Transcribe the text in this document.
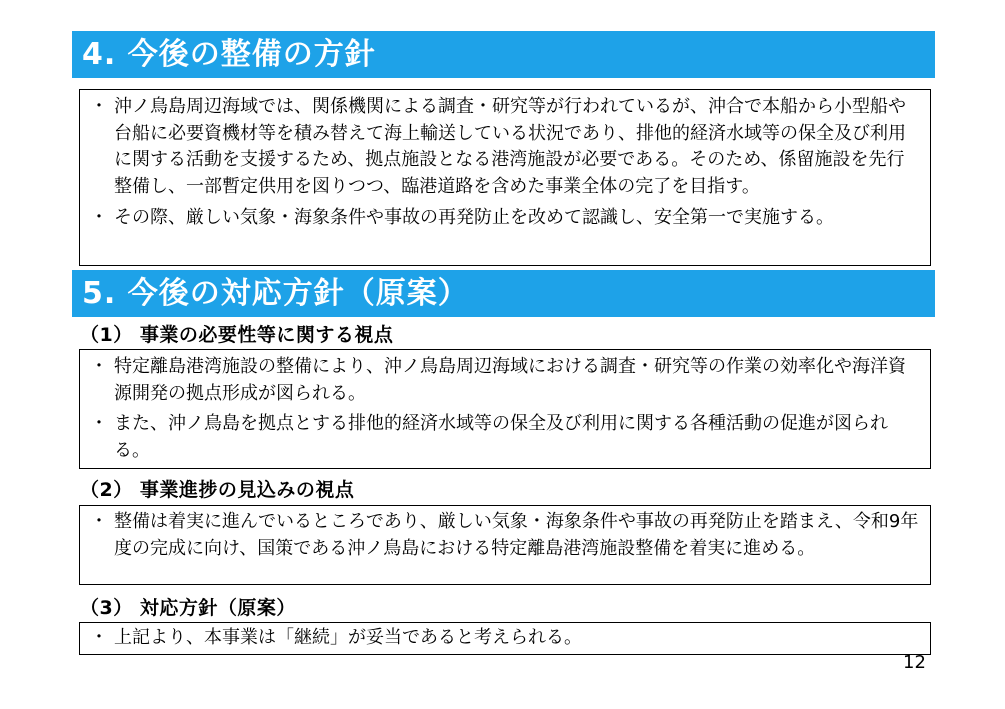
4. 今後の整備の方針
・ 沖ノ鳥島周辺海域では、関係機関による調査・研究等が行われているが、沖合で本船から小型船や台船に必要資機材等を積み替えて海上輸送している状況であり、排他的経済水域等の保全及び利用に関する活動を支援するため、拠点施設となる港湾施設が必要である。そのため、係留施設を先行整備し、一部暫定供用を図りつつ、臨港道路を含めた事業全体の完了を目指す。
・ その際、厳しい気象・海象条件や事故の再発防止を改めて認識し、安全第一で実施する。
5. 今後の対応方針（原案）
（1） 事業の必要性等に関する視点
・ 特定離島港湾施設の整備により、沖ノ鳥島周辺海域における調査・研究等の作業の効率化や海洋資源開発の拠点形成が図られる。
・ また、沖ノ鳥島を拠点とする排他的経済水域等の保全及び利用に関する各種活動の促進が図られる。
（2） 事業進捗の見込みの視点
・ 整備は着実に進んでいるところであり、厳しい気象・海象条件や事故の再発防止を踏まえ、令和9年度の完成に向け、国策である沖ノ鳥島における特定離島港湾施設整備を着実に進める。
（3） 対応方針（原案）
・ 上記より、本事業は「継続」が妥当であると考えられる。
12
